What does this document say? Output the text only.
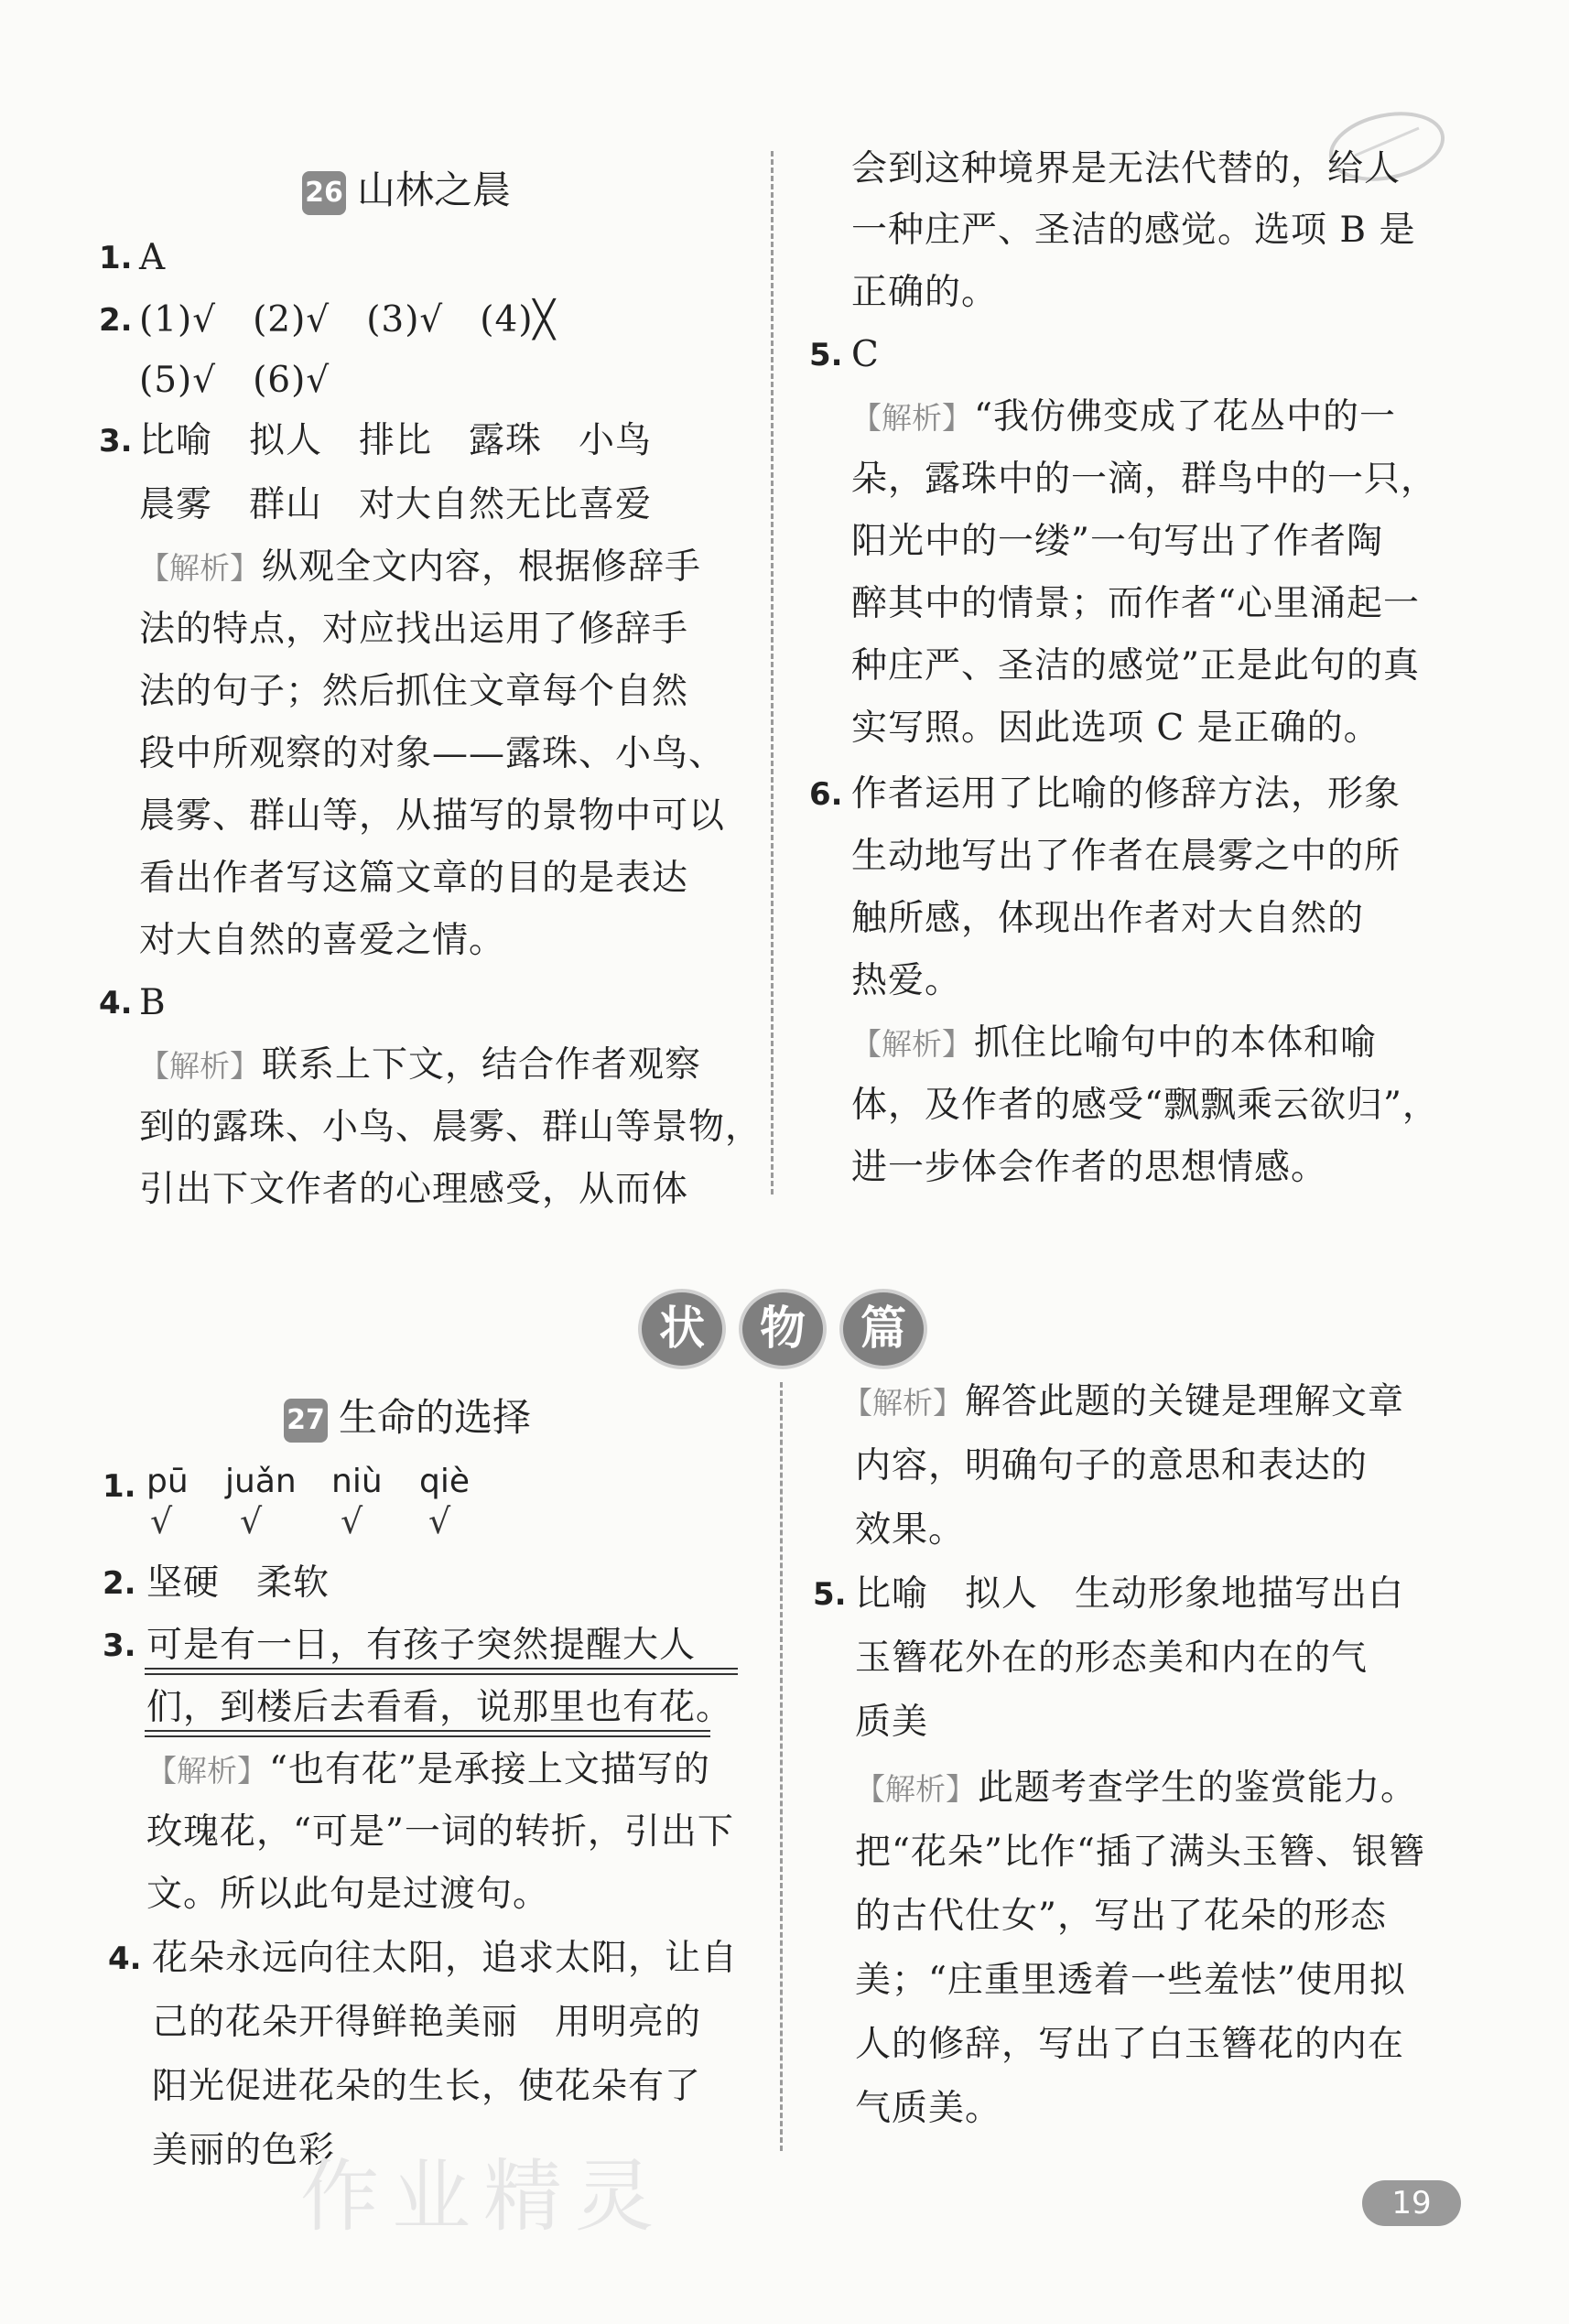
26 山林之晨
1. A
2. (1)√　(2)√　(3)√　(4)╳
(5)√　(6)√
3. 比喻　拟人　排比　露珠　小鸟
晨雾　群山　对大自然无比喜爱
【解析】纵观全文内容，根据修辞手
法的特点，对应找出运用了修辞手
法的句子；然后抓住文章每个自然
段中所观察的对象——露珠、小鸟、
晨雾、群山等，从描写的景物中可以
看出作者写这篇文章的目的是表达
对大自然的喜爱之情。
4. B
【解析】联系上下文，结合作者观察
到的露珠、小鸟、晨雾、群山等景物，
引出下文作者的心理感受，从而体
会到这种境界是无法代替的，给人
一种庄严、圣洁的感觉。选项 B 是
正确的。
5. C
【解析】“我仿佛变成了花丛中的一
朵，露珠中的一滴，群鸟中的一只，
阳光中的一缕”一句写出了作者陶
醉其中的情景；而作者“心里涌起一
种庄严、圣洁的感觉”正是此句的真
实写照。因此选项 C 是正确的。
6. 作者运用了比喻的修辞方法，形象
生动地写出了作者在晨雾之中的所
触所感，体现出作者对大自然的
热爱。
【解析】抓住比喻句中的本体和喻
体，及作者的感受“飘飘乘云欲归”，
进一步体会作者的思想情感。
状 物 篇
27 生命的选择
1. pū juǎn niù qiè
√ √ √ √
2. 坚硬　柔软
3. 可是有一日，有孩子突然提醒大人
们，到楼后去看看，说那里也有花。
【解析】“也有花”是承接上文描写的
玫瑰花，“可是”一词的转折，引出下
文。所以此句是过渡句。
4. 花朵永远向往太阳，追求太阳，让自
己的花朵开得鲜艳美丽　用明亮的
阳光促进花朵的生长，使花朵有了
美丽的色彩
【解析】解答此题的关键是理解文章
内容，明确句子的意思和表达的
效果。
5. 比喻　拟人　生动形象地描写出白
玉簪花外在的形态美和内在的气
质美
【解析】此题考查学生的鉴赏能力。
把“花朵”比作“插了满头玉簪、银簪
的古代仕女”，写出了花朵的形态
美；“庄重里透着一些羞怯”使用拟
人的修辞，写出了白玉簪花的内在
气质美。
作业精灵	19
